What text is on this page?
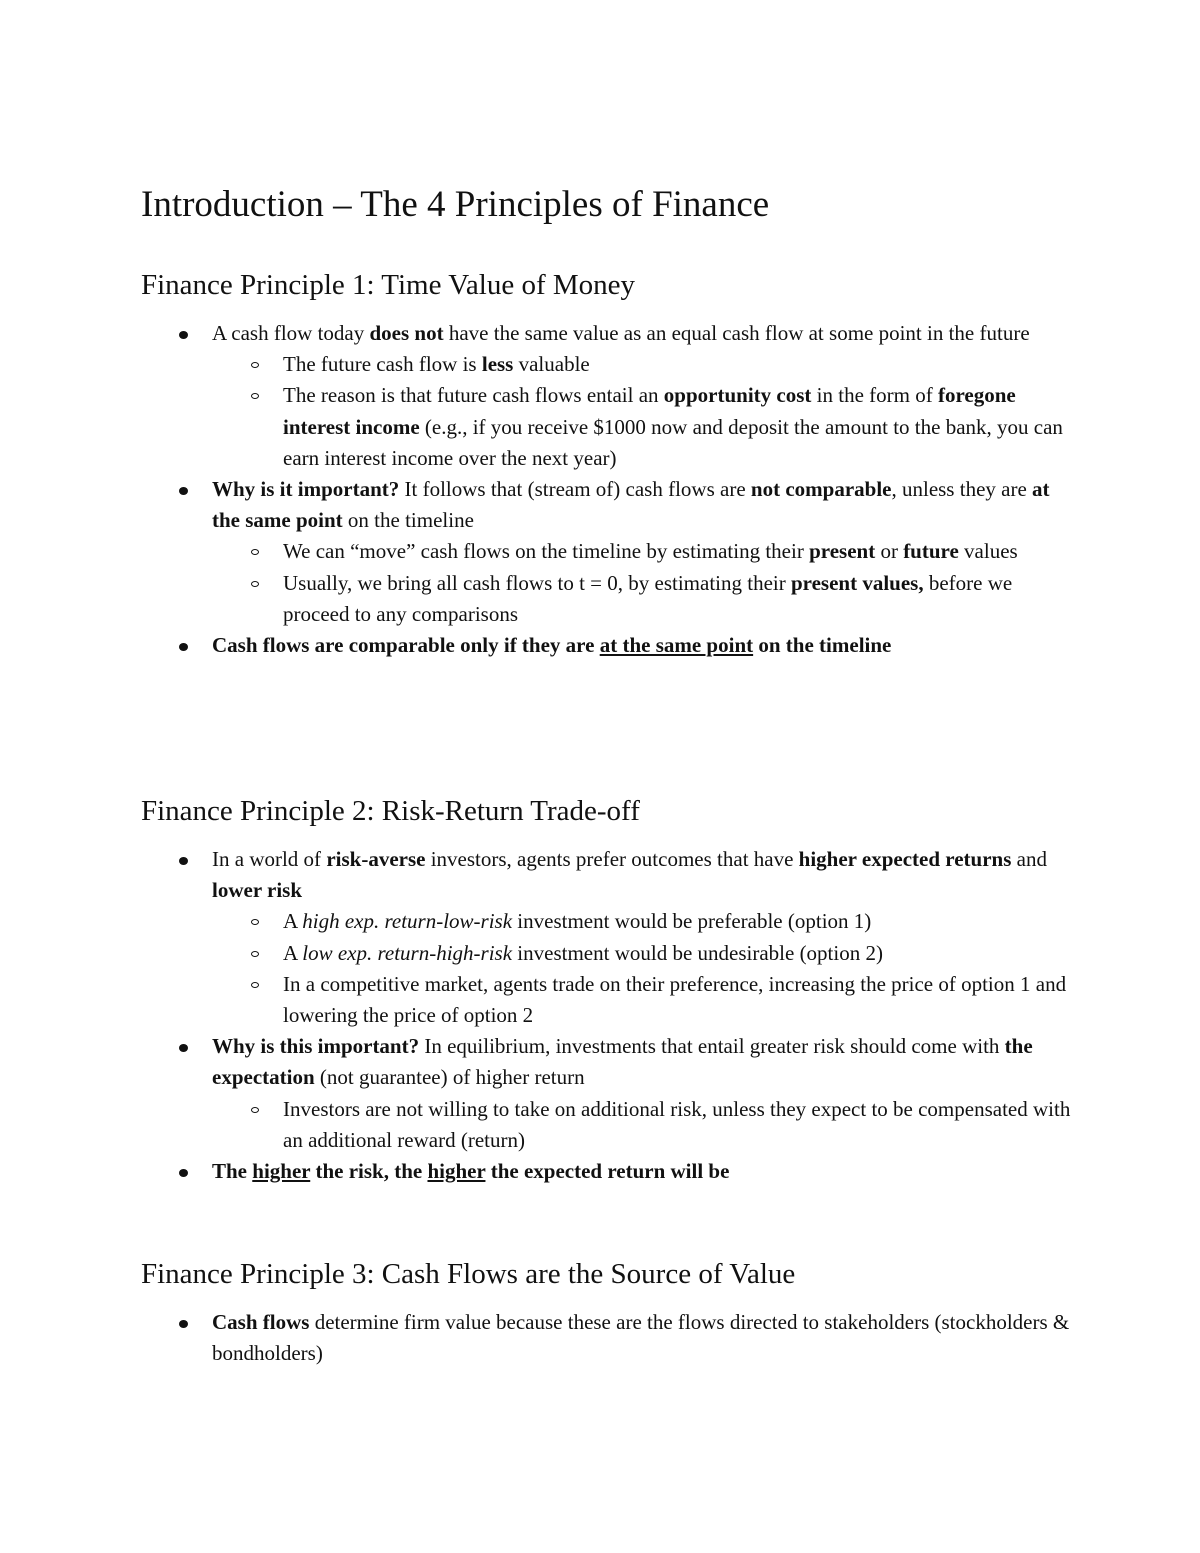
Introduction – The 4 Principles of Finance
Finance Principle 1: Time Value of Money
A cash flow today does not have the same value as an equal cash flow at some point in the future
The future cash flow is less valuable
The reason is that future cash flows entail an opportunity cost in the form of foregone interest income (e.g., if you receive $1000 now and deposit the amount to the bank, you can earn interest income over the next year)
Why is it important? It follows that (stream of) cash flows are not comparable, unless they are at the same point on the timeline
We can “move” cash flows on the timeline by estimating their present or future values
Usually, we bring all cash flows to t = 0, by estimating their present values, before we proceed to any comparisons
Cash flows are comparable only if they are at the same point on the timeline
Finance Principle 2: Risk-Return Trade-off
In a world of risk-averse investors, agents prefer outcomes that have higher expected returns and lower risk
A high exp. return-low-risk investment would be preferable (option 1)
A low exp. return-high-risk investment would be undesirable (option 2)
In a competitive market, agents trade on their preference, increasing the price of option 1 and lowering the price of option 2
Why is this important? In equilibrium, investments that entail greater risk should come with the expectation (not guarantee) of higher return
Investors are not willing to take on additional risk, unless they expect to be compensated with an additional reward (return)
The higher the risk, the higher the expected return will be
Finance Principle 3: Cash Flows are the Source of Value
Cash flows determine firm value because these are the flows directed to stakeholders (stockholders & bondholders)
